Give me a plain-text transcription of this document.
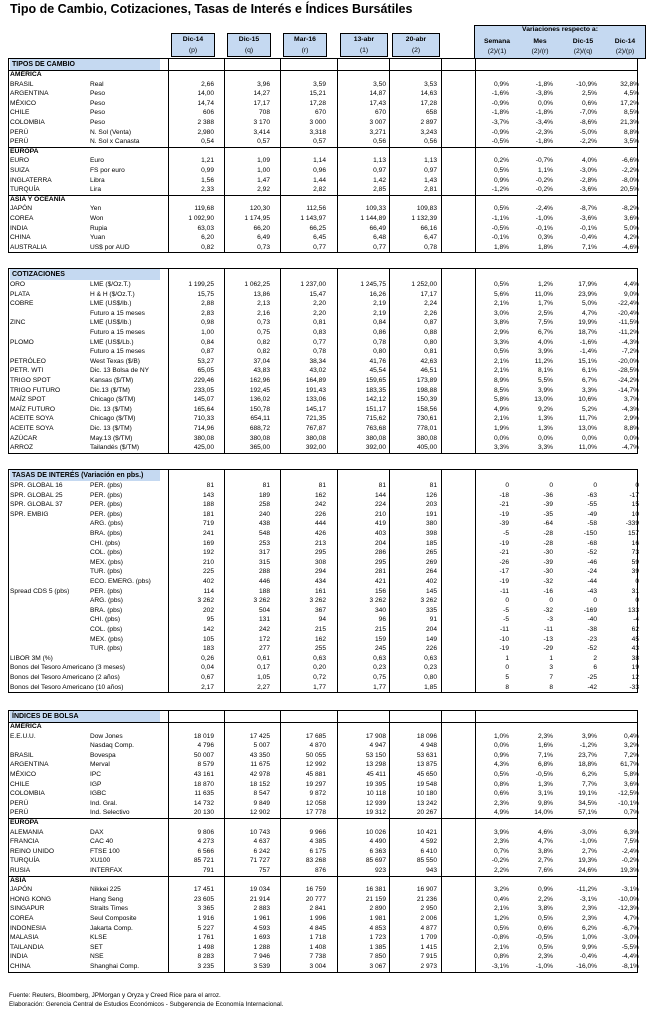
Tipo de Cambio, Cotizaciones, Tasas de Interés e Índices Bursátiles
Dic-14
(p)
Dic-15
(q)
Mar-16
(r)
13-abr
(1)
20-abr
(2)
Variaciones respecto a:
Semana
(2)/(1)
Mes
(2)/(r)
Dic-15
(2)/(q)
Dic-14
(2)/(p)
TIPOS DE CAMBIO
AMÉRICA
BRASIL	Real	2,66	3,96	3,59	3,50	3,53	0,9%	-1,8%	-10,9%	32,8%
ARGENTINA	Peso	14,00	14,27	15,21	14,87	14,63	-1,6%	-3,8%	2,5%	4,5%
MÉXICO	Peso	14,74	17,17	17,28	17,43	17,28	-0,9%	0,0%	0,6%	17,2%
CHILE	Peso	606	708	670	670	658	-1,8%	-1,8%	-7,0%	8,5%
COLOMBIA	Peso	2 388	3 170	3 000	3 007	2 897	-3,7%	-3,4%	-8,6%	21,3%
PERÚ	N. Sol (Venta)	2,980	3,414	3,318	3,271	3,243	-0,9%	-2,3%	-5,0%	8,8%
PERÚ	N. Sol x Canasta	0,54	0,57	0,57	0,56	0,56	-0,5%	-1,8%	-2,2%	3,5%
EUROPA
EURO	Euro	1,21	1,09	1,14	1,13	1,13	0,2%	-0,7%	4,0%	-6,6%
SUIZA	FS por euro	0,99	1,00	0,96	0,97	0,97	0,5%	1,1%	-3,0%	-2,2%
INGLATERRA	Libra	1,56	1,47	1,44	1,42	1,43	0,9%	-0,2%	-2,8%	-8,0%
TURQUÍA	Lira	2,33	2,92	2,82	2,85	2,81	-1,2%	-0,2%	-3,6%	20,5%
ASIA Y OCEANÍA
JAPÓN	Yen	119,68	120,30	112,56	109,33	109,83	0,5%	-2,4%	-8,7%	-8,2%
COREA	Won	1 092,90	1 174,95	1 143,97	1 144,89	1 132,39	-1,1%	-1,0%	-3,6%	3,6%
INDIA	Rupia	63,03	66,20	66,25	66,49	66,16	-0,5%	-0,1%	-0,1%	5,0%
CHINA	Yuan	6,20	6,49	6,45	6,48	6,47	-0,1%	0,3%	-0,4%	4,2%
AUSTRALIA	US$ por AUD	0,82	0,73	0,77	0,77	0,78	1,8%	1,8%	7,1%	-4,6%
COTIZACIONES
ORO	LME ($/Oz.T.)	1 199,25	1 062,25	1 237,00	1 245,75	1 252,00	0,5%	1,2%	17,9%	4,4%
PLATA	H & H ($/Oz.T.)	15,75	13,86	15,47	16,26	17,17	5,6%	11,0%	23,9%	9,0%
COBRE	LME (US$/lb.)	2,88	2,13	2,20	2,19	2,24	2,1%	1,7%	5,0%	-22,4%
Futuro a 15 meses	2,83	2,16	2,20	2,19	2,26	3,0%	2,5%	4,7%	-20,4%
ZINC	LME (US$/lb.)	0,98	0,73	0,81	0,84	0,87	3,8%	7,5%	19,9%	-11,5%
Futuro a 15 meses	1,00	0,75	0,83	0,86	0,88	2,9%	6,7%	18,7%	-11,2%
PLOMO	LME (US$/Lb.)	0,84	0,82	0,77	0,78	0,80	3,3%	4,0%	-1,6%	-4,3%
Futuro a 15 meses	0,87	0,82	0,78	0,80	0,81	0,5%	3,9%	-1,4%	-7,2%
PETRÓLEO	West Texas ($/B)	53,27	37,04	38,34	41,76	42,63	2,1%	11,2%	15,1%	-20,0%
PETR. WTI	Dic. 13 Bolsa de NY	65,05	43,83	43,02	45,54	46,51	2,1%	8,1%	6,1%	-28,5%
TRIGO SPOT	Kansas ($/TM)	229,46	162,96	164,89	159,65	173,89	8,9%	5,5%	6,7%	-24,2%
TRIGO FUTURO	Dic.13 ($/TM)	233,05	192,45	191,43	183,35	198,88	8,5%	3,9%	3,3%	-14,7%
MAÍZ SPOT	Chicago ($/TM)	145,07	136,02	133,06	142,12	150,39	5,8%	13,0%	10,6%	3,7%
MAÍZ FUTURO	Dic. 13 ($/TM)	165,64	150,78	145,17	151,17	158,56	4,9%	9,2%	5,2%	-4,3%
ACEITE SOYA	Chicago ($/TM)	710,33	654,11	721,35	715,62	730,61	2,1%	1,3%	11,7%	2,9%
ACEITE SOYA	Dic. 13 ($/TM)	714,96	688,72	767,87	763,68	778,01	1,9%	1,3%	13,0%	8,8%
AZÚCAR	May.13 ($/TM)	380,08	380,08	380,08	380,08	380,08	0,0%	0,0%	0,0%	0,0%
ARROZ	Tailandés ($/TM)	425,00	365,00	392,00	392,00	405,00	3,3%	3,3%	11,0%	-4,7%
TASAS DE INTERÉS (Variación en pbs.)
SPR. GLOBAL 16	PER. (pbs)	81	81	81	81	81	0	0	0	0
SPR. GLOBAL 25	PER. (pbs)	143	189	162	144	126	-18	-36	-63	-17
SPR. GLOBAL 37	PER. (pbs)	188	258	242	224	203	-21	-39	-55	15
SPR. EMBIG	PER. (pbs)	181	240	226	210	191	-19	-35	-49	10
ARG. (pbs)	719	438	444	419	380	-39	-64	-58	-339
BRA. (pbs)	241	548	426	403	398	-5	-28	-150	157
CHI. (pbs)	169	253	213	204	185	-19	-28	-68	16
COL. (pbs)	192	317	295	286	265	-21	-30	-52	73
MEX. (pbs)	210	315	308	295	269	-26	-39	-46	59
TUR. (pbs)	225	288	294	281	264	-17	-30	-24	39
ECO. EMERG. (pbs)	402	446	434	421	402	-19	-32	-44	0
Spread CDS 5 (pbs)	PER. (pbs)	114	188	161	156	145	-11	-16	-43	31
ARG. (pbs)	3 262	3 262	3 262	3 262	3 262	0	0	0	0
BRA. (pbs)	202	504	367	340	335	-5	-32	-169	133
CHI. (pbs)	95	131	94	96	91	-5	-3	-40	-4
COL. (pbs)	142	242	215	215	204	-11	-11	-38	62
MEX. (pbs)	105	172	162	159	149	-10	-13	-23	45
TUR. (pbs)	183	277	255	245	226	-19	-29	-52	43
LIBOR 3M (%)	0,26	0,61	0,63	0,63	0,63	1	1	2	38
Bonos del Tesoro Americano (3 meses)	0,04	0,17	0,20	0,23	0,23	0	3	6	19
Bonos del Tesoro Americano (2 años)	0,67	1,05	0,72	0,75	0,80	5	7	-25	12
Bonos del Tesoro Americano (10 años)	2,17	2,27	1,77	1,77	1,85	8	8	-42	-33
ÍNDICES DE BOLSA
AMÉRICA
E.E.U.U.	Dow Jones	18 019	17 425	17 685	17 908	18 096	1,0%	2,3%	3,9%	0,4%
Nasdaq Comp.	4 796	5 007	4 870	4 947	4 948	0,0%	1,6%	-1,2%	3,2%
BRASIL	Bovespa	50 007	43 350	50 055	53 150	53 631	0,9%	7,1%	23,7%	7,2%
ARGENTINA	Merval	8 579	11 675	12 992	13 298	13 875	4,3%	6,8%	18,8%	61,7%
MÉXICO	IPC	43 161	42 978	45 881	45 411	45 650	0,5%	-0,5%	6,2%	5,8%
CHILE	IGP	18 870	18 152	19 297	19 395	19 548	0,8%	1,3%	7,7%	3,6%
COLOMBIA	IGBC	11 635	8 547	9 872	10 118	10 180	0,6%	3,1%	19,1%	-12,5%
PERÚ	Ind. Gral.	14 732	9 849	12 058	12 939	13 242	2,3%	9,8%	34,5%	-10,1%
PERÚ	Ind. Selectivo	20 130	12 902	17 778	19 312	20 267	4,9%	14,0%	57,1%	0,7%
EUROPA
ALEMANIA	DAX	9 806	10 743	9 966	10 026	10 421	3,9%	4,6%	-3,0%	6,3%
FRANCIA	CAC 40	4 273	4 637	4 385	4 490	4 592	2,3%	4,7%	-1,0%	7,5%
REINO UNIDO	FTSE 100	6 566	6 242	6 175	6 363	6 410	0,7%	3,8%	2,7%	-2,4%
TURQUÍA	XU100	85 721	71 727	83 268	85 697	85 550	-0,2%	2,7%	19,3%	-0,2%
RUSIA	INTERFAX	791	757	876	923	943	2,2%	7,6%	24,6%	19,3%
ASIA
JAPÓN	Nikkei 225	17 451	19 034	16 759	16 381	16 907	3,2%	0,9%	-11,2%	-3,1%
HONG KONG	Hang Seng	23 605	21 914	20 777	21 159	21 236	0,4%	2,2%	-3,1%	-10,0%
SINGAPUR	Straits Times	3 365	2 883	2 841	2 890	2 950	2,1%	3,8%	2,3%	-12,3%
COREA	Seul Composite	1 916	1 961	1 996	1 981	2 006	1,2%	0,5%	2,3%	4,7%
INDONESIA	Jakarta Comp.	5 227	4 593	4 845	4 853	4 877	0,5%	0,6%	6,2%	-6,7%
MALASIA	KLSE	1 761	1 693	1 718	1 723	1 709	-0,8%	-0,5%	1,0%	-3,0%
TAILANDIA	SET	1 498	1 288	1 408	1 385	1 415	2,1%	0,5%	9,9%	-5,5%
INDIA	NSE	8 283	7 946	7 738	7 850	7 915	0,8%	2,3%	-0,4%	-4,4%
CHINA	Shanghai Comp.	3 235	3 539	3 004	3 067	2 973	-3,1%	-1,0%	-16,0%	-8,1%
Fuente: Reuters, Bloomberg, JPMorgan y Oryza y Creed Rice para el arroz.
Elaboración: Gerencia Central de Estudios Económicos - Subgerencia de Economía Internacional.
